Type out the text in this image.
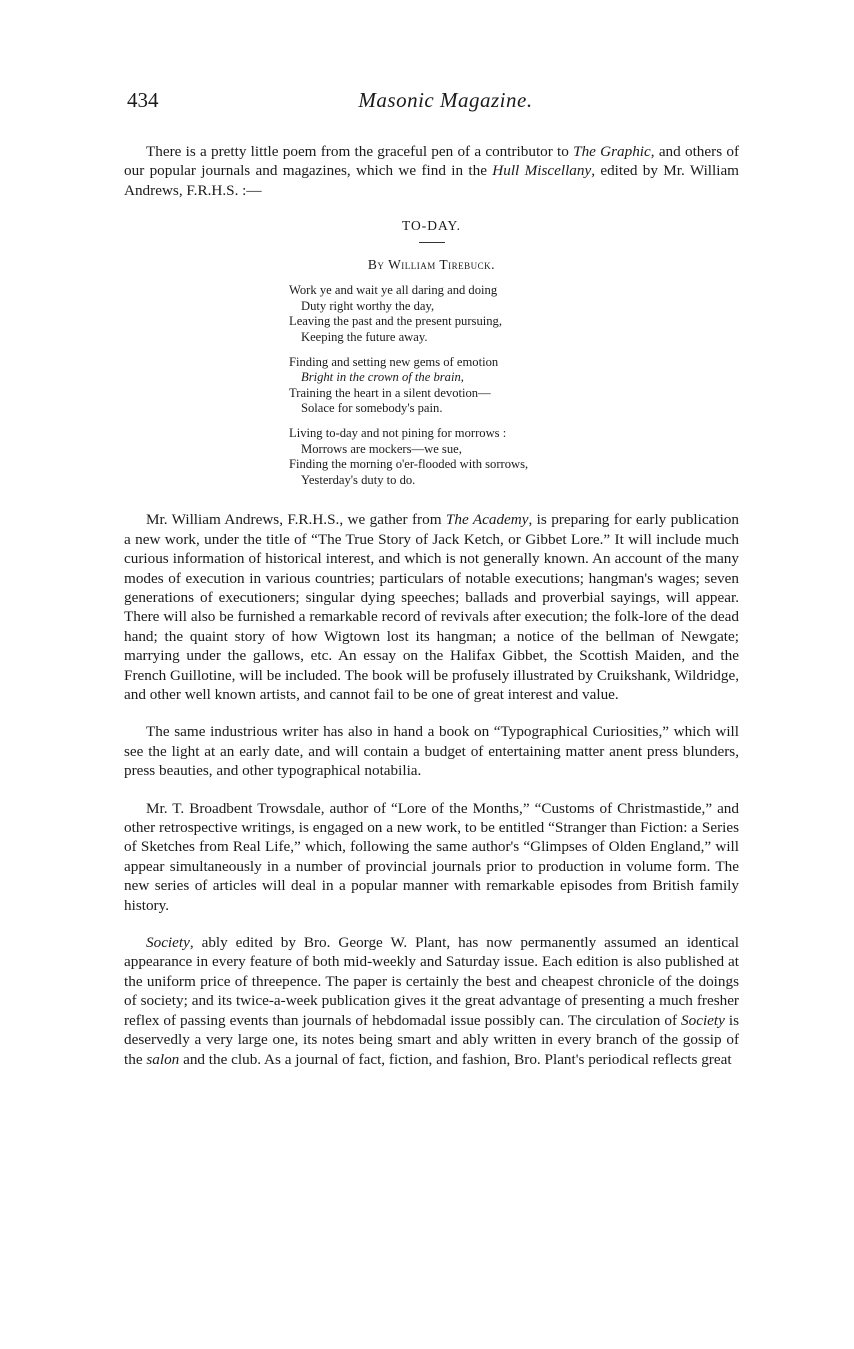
434	Masonic Magazine.

There is a pretty little poem from the graceful pen of a contributor to The Graphic, and others of our popular journals and magazines, which we find in the Hull Miscellany, edited by Mr. William Andrews, F.R.H.S. :—

TO-DAY.
By William Tirebuck.
Work ye and wait ye all daring and doing
Duty right worthy the day,
Leaving the past and the present pursuing,
Keeping the future away.
Finding and setting new gems of emotion
Bright in the crown of the brain,
Training the heart in a silent devotion—
Solace for somebody's pain.
Living to-day and not pining for morrows :
Morrows are mockers—we sue,
Finding the morning o'er-flooded with sorrows,
Yesterday's duty to do.

Mr. William Andrews, F.R.H.S., we gather from The Academy, is preparing for early publication a new work, under the title of “The True Story of Jack Ketch, or Gibbet Lore.” It will include much curious information of historical interest, and which is not generally known. An account of the many modes of execution in various countries; particulars of notable executions; hangman's wages; seven generations of executioners; singular dying speeches; ballads and proverbial sayings, will appear. There will also be furnished a remarkable record of revivals after execution; the folk-lore of the dead hand; the quaint story of how Wigtown lost its hangman; a notice of the bellman of Newgate; marrying under the gallows, etc. An essay on the Halifax Gibbet, the Scottish Maiden, and the French Guillotine, will be included. The book will be profusely illustrated by Cruikshank, Wildridge, and other well known artists, and cannot fail to be one of great interest and value.

The same industrious writer has also in hand a book on “Typographical Curiosities,” which will see the light at an early date, and will contain a budget of entertaining matter anent press blunders, press beauties, and other typographical notabilia.

Mr. T. Broadbent Trowsdale, author of “Lore of the Months,” “Customs of Christmastide,” and other retrospective writings, is engaged on a new work, to be entitled “Stranger than Fiction: a Series of Sketches from Real Life,” which, following the same author's “Glimpses of Olden England,” will appear simultaneously in a number of provincial journals prior to production in volume form. The new series of articles will deal in a popular manner with remarkable episodes from British family history.

Society, ably edited by Bro. George W. Plant, has now permanently assumed an identical appearance in every feature of both mid-weekly and Saturday issue. Each edition is also published at the uniform price of threepence. The paper is certainly the best and cheapest chronicle of the doings of society; and its twice-a-week publication gives it the great advantage of presenting a much fresher reflex of passing events than journals of hebdomadal issue possibly can. The circulation of Society is deservedly a very large one, its notes being smart and ably written in every branch of the gossip of the salon and the club. As a journal of fact, fiction, and fashion, Bro. Plant's periodical reflects great
